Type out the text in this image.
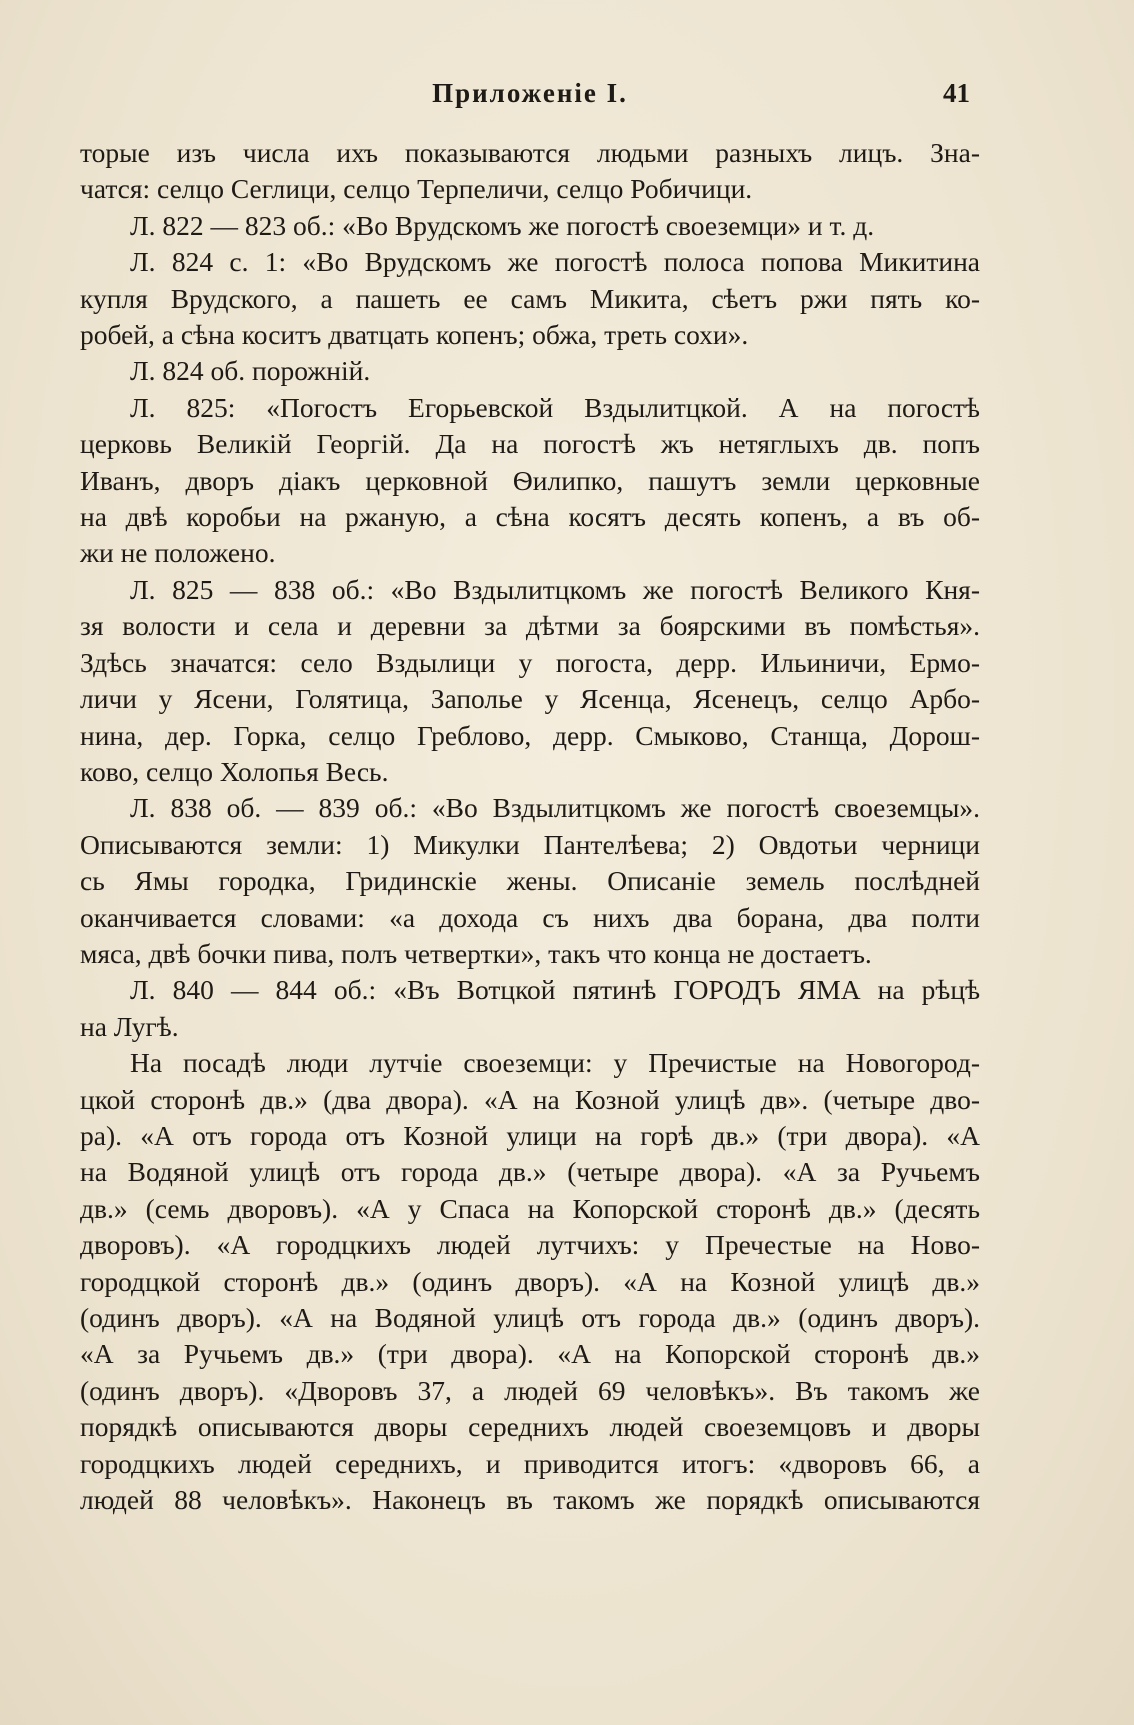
Приложеніе I.	41
торые изъ числа ихъ показываются людьми разныхъ лицъ. Зна-
чатся: селцо Сеглици, селцо Терпеличи, селцо Робичици.
Л. 822 — 823 об.: «Во Врудскомъ же погостѣ своеземци» и т. д.
Л. 824 с. 1: «Во Врудскомъ же погостѣ полоса попова Микитина
купля Врудского, а пашеть ее самъ Микита, сѣетъ ржи пять ко-
робей, а сѣна коситъ дватцать копенъ; обжа, треть сохи».
Л. 824 об. порожній.
Л. 825: «Погостъ Егорьевской Вздылитцкой. А на погостѣ
церковь Великій Георгій. Да на погостѣ жъ нетяглыхъ дв. попъ
Иванъ, дворъ діакъ церковной Ѳилипко, пашутъ земли церковные
на двѣ коробьи на ржаную, а сѣна косятъ десять копенъ, а въ об-
жи не положено.
Л. 825 — 838 об.: «Во Вздылитцкомъ же погостѣ Великого Кня-
зя волости и села и деревни за дѣтми за боярскими въ помѣстья».
Здѣсь значатся: село Вздылици у погоста, дерр. Ильиничи, Ермо-
личи у Ясени, Голятица, Заполье у Ясенца, Ясенецъ, селцо Арбо-
нина, дер. Горка, селцо Греблово, дерр. Смыково, Станща, Дорош-
ково, селцо Холопья Весь.
Л. 838 об. — 839 об.: «Во Вздылитцкомъ же погостѣ своеземцы».
Описываются земли: 1) Микулки Пантелѣева; 2) Овдотьи черници
сь Ямы городка, Гридинскіе жены. Описаніе земель послѣдней
оканчивается словами: «а дохода съ нихъ два борана, два полти
мяса, двѣ бочки пива, полъ четвертки», такъ что конца не достаетъ.
Л. 840 — 844 об.: «Въ Вотцкой пятинѣ ГОРОДЪ ЯМА на рѣцѣ
на Лугѣ.
На посадѣ люди лутчіе своеземци: у Пречистые на Новогород-
цкой сторонѣ дв.» (два двора). «А на Козной улицѣ дв». (четыре дво-
ра). «А отъ города отъ Козной улици на горѣ дв.» (три двора). «А
на Водяной улицѣ отъ города дв.» (четыре двора). «А за Ручьемъ
дв.» (семь дворовъ). «А у Спаса на Копорской сторонѣ дв.» (десять
дворовъ). «А городцкихъ людей лутчихъ: у Пречестые на Ново-
городцкой сторонѣ дв.» (одинъ дворъ). «А на Козной улицѣ дв.»
(одинъ дворъ). «А на Водяной улицѣ отъ города дв.» (одинъ дворъ).
«А за Ручьемъ дв.» (три двора). «А на Копорской сторонѣ дв.»
(одинъ дворъ). «Дворовъ 37, а людей 69 человѣкъ». Въ такомъ же
порядкѣ описываются дворы середнихъ людей своеземцовъ и дворы
городцкихъ людей середнихъ, и приводится итогъ: «дворовъ 66, а
людей 88 человѣкъ». Наконецъ въ такомъ же порядкѣ описываются
